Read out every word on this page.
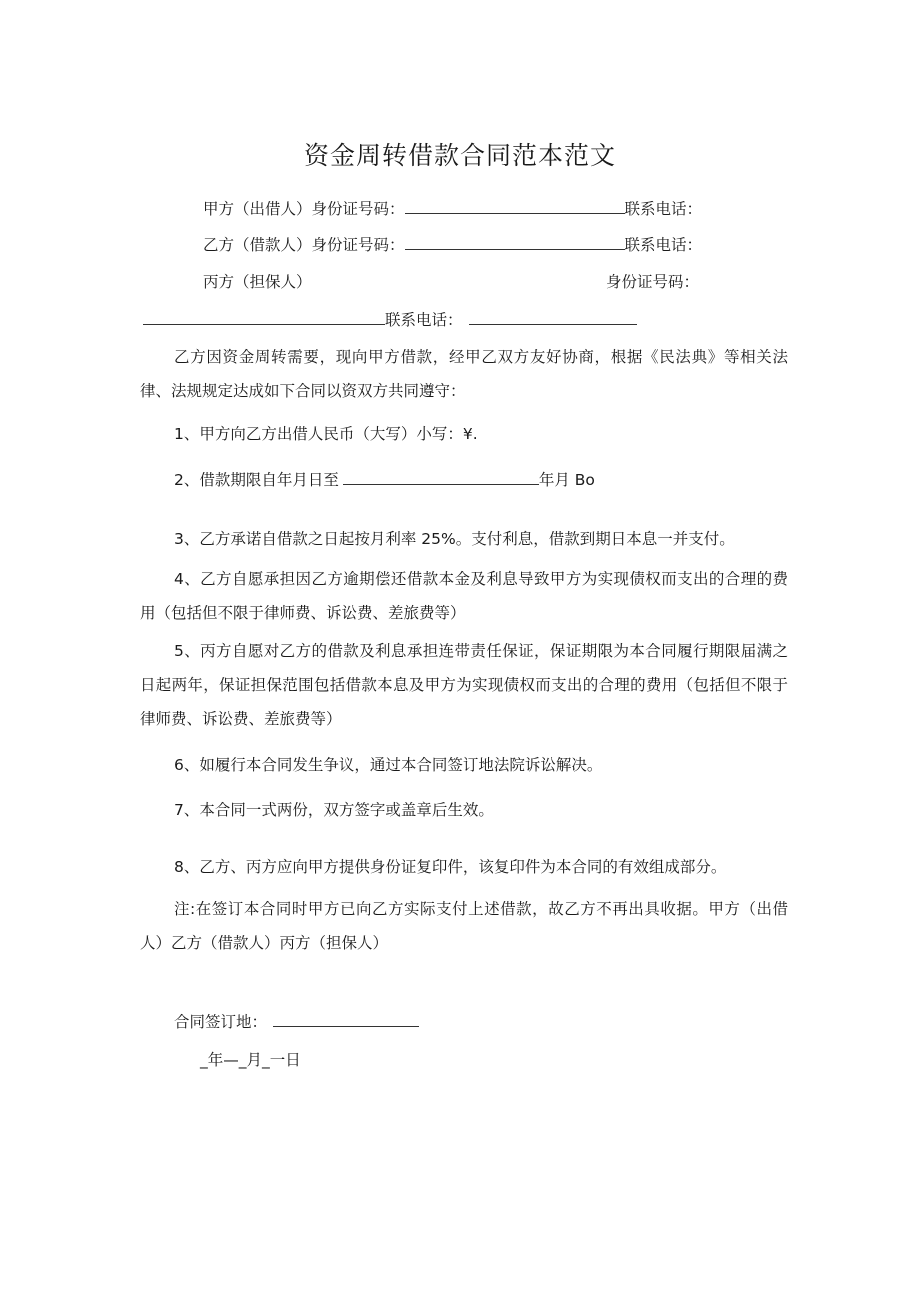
资金周转借款合同范本范文
甲方（出借人）身份证号码：	联系电话：
乙方（借款人）身份证号码：	联系电话：
丙方（担保人）	身份证号码：
联系电话：
乙方因资金周转需要，现向甲方借款，经甲乙双方友好协商，根据《民法典》等相关法律、法规规定达成如下合同以资双方共同遵守：
1、甲方向乙方出借人民币（大写）小写：¥.
2、借款期限自年月日至	年月 Bo
3、乙方承诺自借款之日起按月利率 25%。支付利息，借款到期日本息一并支付。
4、乙方自愿承担因乙方逾期偿还借款本金及利息导致甲方为实现债权而支出的合理的费用（包括但不限于律师费、诉讼费、差旅费等）
5、丙方自愿对乙方的借款及利息承担连带责任保证，保证期限为本合同履行期限届满之日起两年，保证担保范围包括借款本息及甲方为实现债权而支出的合理的费用（包括但不限于律师费、诉讼费、差旅费等）
6、如履行本合同发生争议，通过本合同签订地法院诉讼解决。
7、本合同一式两份，双方签字或盖章后生效。
8、乙方、丙方应向甲方提供身份证复印件，该复印件为本合同的有效组成部分。
注:在签订本合同时甲方已向乙方实际支付上述借款，故乙方不再出具收据。甲方（出借人）乙方（借款人）丙方（担保人）
合同签订地：
_年—_月_一日
